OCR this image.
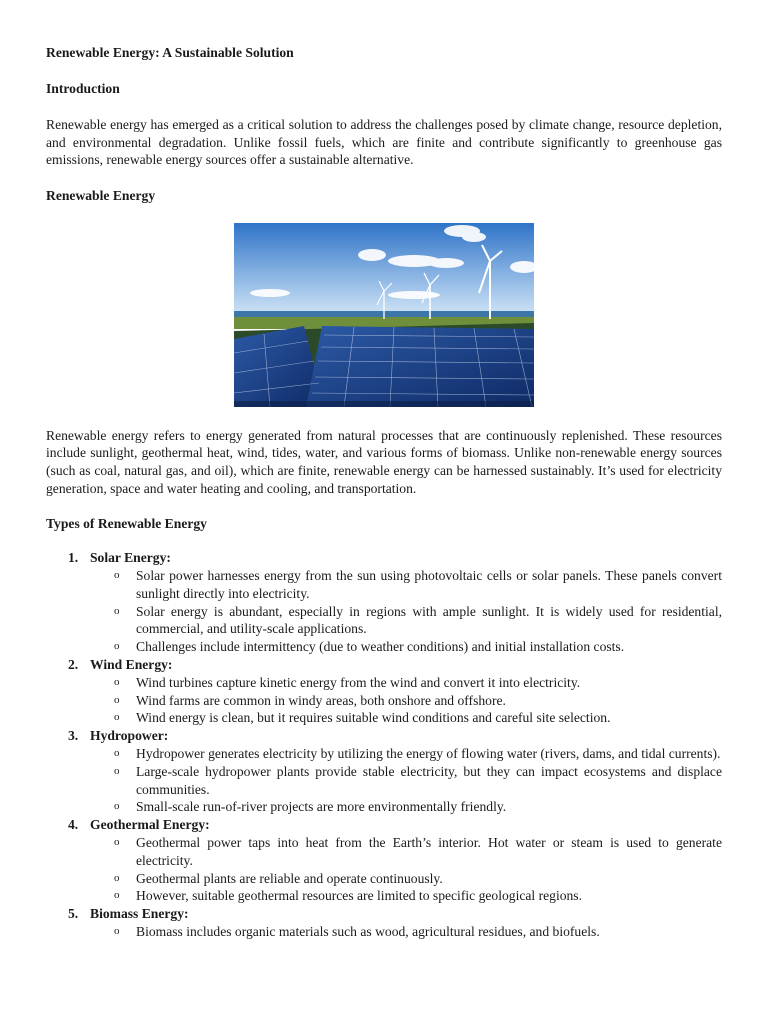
Renewable Energy: A Sustainable Solution
Introduction
Renewable energy has emerged as a critical solution to address the challenges posed by climate change, resource depletion, and environmental degradation. Unlike fossil fuels, which are finite and contribute significantly to greenhouse gas emissions, renewable energy sources offer a sustainable alternative.
Renewable Energy
Renewable energy refers to energy generated from natural processes that are continuously replenished. These resources include sunlight, geothermal heat, wind, tides, water, and various forms of biomass. Unlike non-renewable energy sources (such as coal, natural gas, and oil), which are finite, renewable energy can be harnessed sustainably. It’s used for electricity generation, space and water heating and cooling, and transportation.
Types of Renewable Energy
1. Solar Energy:
o Solar power harnesses energy from the sun using photovoltaic cells or solar panels. These panels convert sunlight directly into electricity.
o Solar energy is abundant, especially in regions with ample sunlight. It is widely used for residential, commercial, and utility-scale applications.
o Challenges include intermittency (due to weather conditions) and initial installation costs.
2. Wind Energy:
o Wind turbines capture kinetic energy from the wind and convert it into electricity.
o Wind farms are common in windy areas, both onshore and offshore.
o Wind energy is clean, but it requires suitable wind conditions and careful site selection.
3. Hydropower:
o Hydropower generates electricity by utilizing the energy of flowing water (rivers, dams, and tidal currents).
o Large-scale hydropower plants provide stable electricity, but they can impact ecosystems and displace communities.
o Small-scale run-of-river projects are more environmentally friendly.
4. Geothermal Energy:
o Geothermal power taps into heat from the Earth’s interior. Hot water or steam is used to generate electricity.
o Geothermal plants are reliable and operate continuously.
o However, suitable geothermal resources are limited to specific geological regions.
5. Biomass Energy:
o Biomass includes organic materials such as wood, agricultural residues, and biofuels.
